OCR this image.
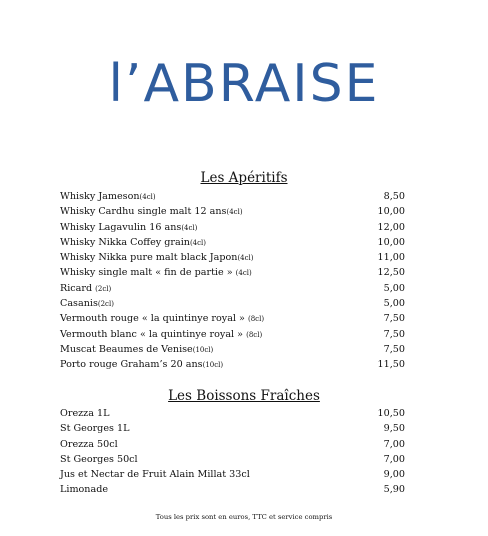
l’ABRAISE
Les Apéritifs
Whisky Jameson(4cl)	8,50
Whisky Cardhu single malt 12 ans(4cl)	10,00
Whisky Lagavulin 16 ans(4cl)	12,00
Whisky Nikka Coffey grain(4cl)	10,00
Whisky Nikka pure malt black Japon(4cl)	11,00
Whisky single malt « fin de partie » (4cl)	12,50
Ricard (2cl)	5,00
Casanis(2cl)	5,00
Vermouth rouge « la quintinye royal » (8cl)	7,50
Vermouth blanc « la quintinye royal » (8cl)	7,50
Muscat Beaumes de Venise(10cl)	7,50
Porto rouge Graham’s 20 ans(10cl)	11,50
Les Boissons Fraîches
Orezza 1L	10,50
St Georges 1L	9,50
Orezza 50cl	7,00
St Georges 50cl	7,00
Jus et Nectar de Fruit Alain Millat 33cl	9,00
Limonade	5,90
Tous les prix sont en euros, TTC et service compris
